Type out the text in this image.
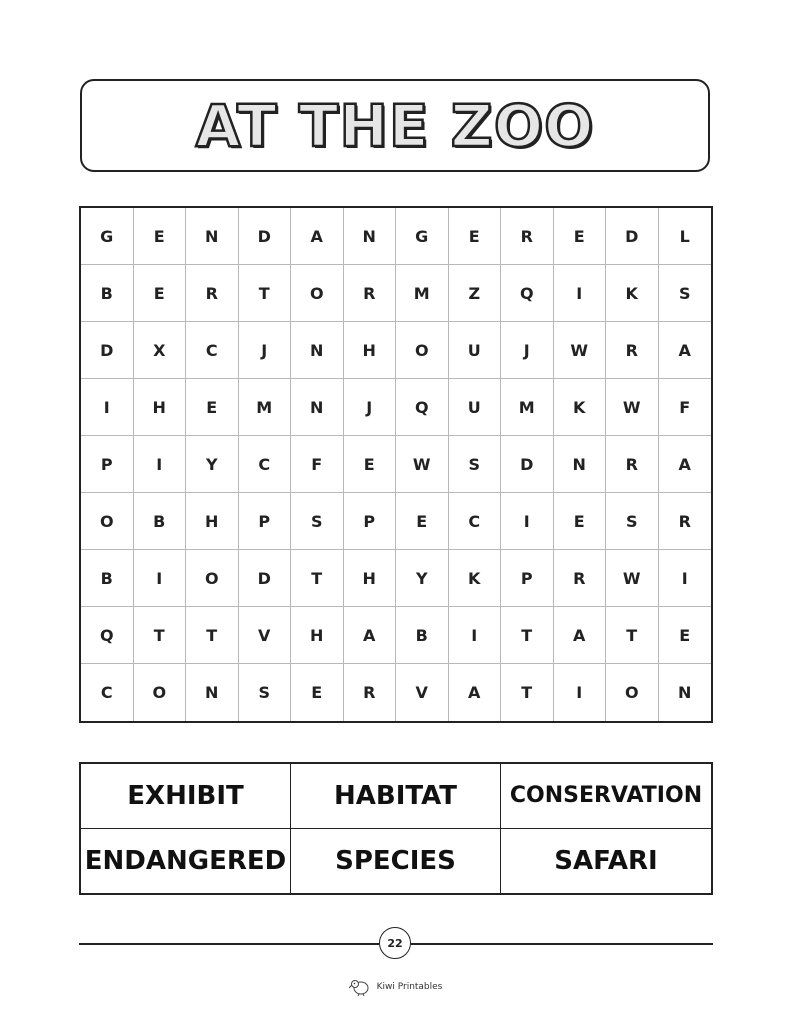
AT THE ZOO
G	E	N	D	A	N	G	E	R	E	D	L
B	E	R	T	O	R	M	Z	Q	I	K	S
D	X	C	J	N	H	O	U	J	W	R	A
I	H	E	M	N	J	Q	U	M	K	W	F
P	I	Y	C	F	E	W	S	D	N	R	A
O	B	H	P	S	P	E	C	I	E	S	R
B	I	O	D	T	H	Y	K	P	R	W	I
Q	T	T	V	H	A	B	I	T	A	T	E
C	O	N	S	E	R	V	A	T	I	O	N
EXHIBIT	HABITAT	CONSERVATION
ENDANGERED	SPECIES	SAFARI
22
Kiwi Printables
